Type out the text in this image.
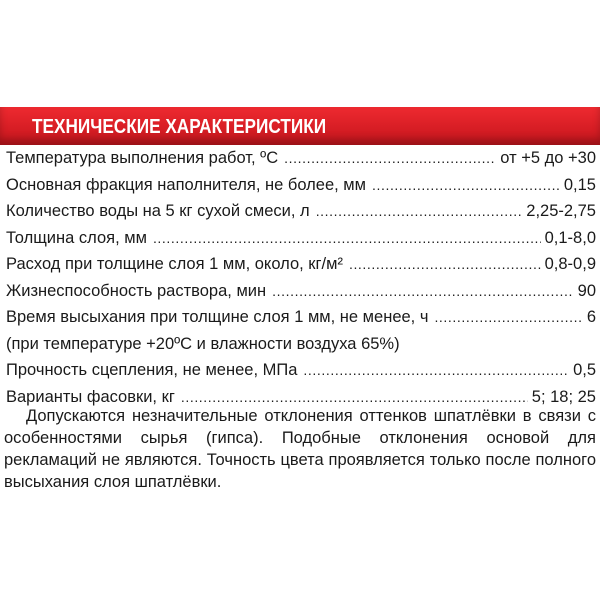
ТЕХНИЧЕСКИЕ ХАРАКТЕРИСТИКИ
Температура выполнения работ, ºС .....	от +5 до +30
Основная фракция наполнителя, не более, мм .....	0,15
Количество воды на 5 кг сухой смеси, л .....	2,25-2,75
Толщина слоя, мм .....	0,1-8,0
Расход при толщине слоя 1 мм, около, кг/м² .....	0,8-0,9
Жизнеспособность раствора, мин .....	90
Время высыхания при толщине слоя 1 мм, не менее, ч .....	6
(при температуре +20ºС и влажности воздуха 65%)
Прочность сцепления, не менее, МПа .....	0,5
Варианты фасовки, кг .....	5; 18; 25
Допускаются незначительные отклонения оттенков шпатлёвки в связи с особенностями сырья (гипса). Подобные отклонения основой для рекламаций не являются. Точность цвета проявляется только после полного высыхания слоя шпатлёвки.
